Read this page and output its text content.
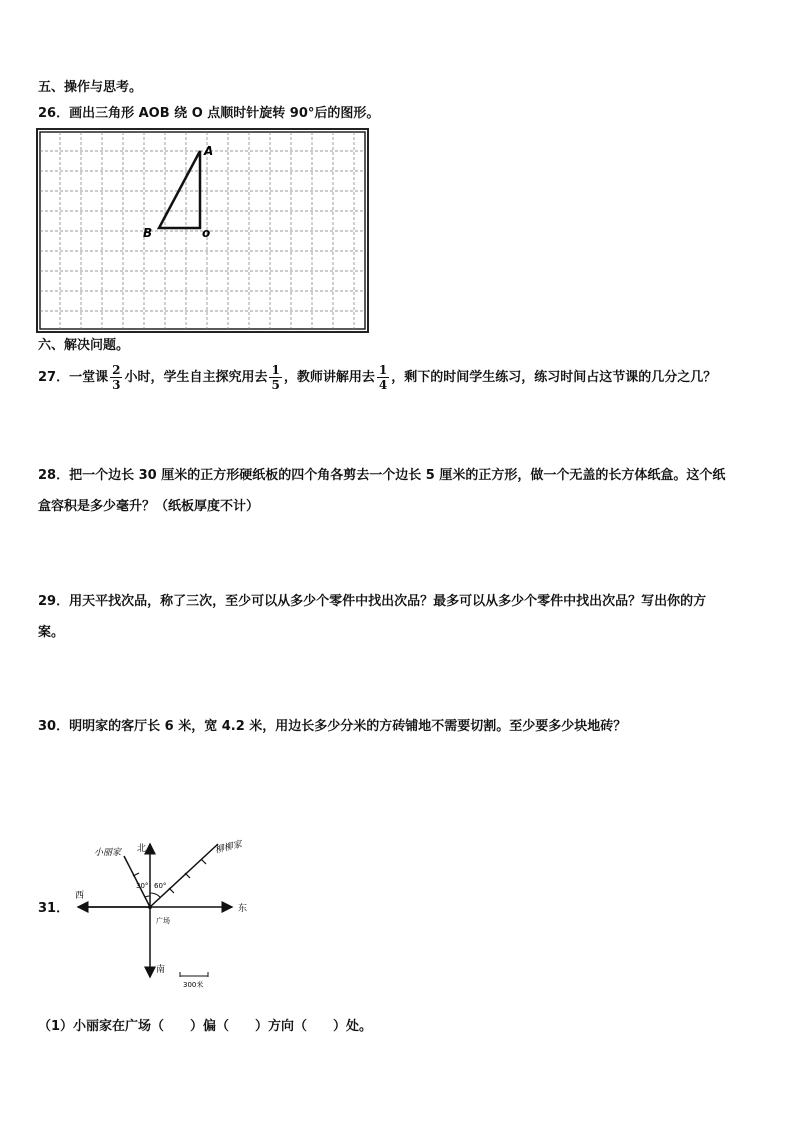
五、操作与思考。
26．画出三角形 AOB 绕 O 点顺时针旋转 90°后的图形。
A
B	o
六、解决问题。
27．一堂课 $\frac{2}{3}$ 小时，学生自主探究用去 $\frac{1}{5}$ ，教师讲解用去 $\frac{1}{4}$ ，剩下的时间学生练习，练习时间占这节课的几分之几？
28．把一个边长 30 厘米的正方形硬纸板的四个角各剪去一个边长 5 厘米的正方形，做一个无盖的长方体纸盒。这个纸
盒容积是多少毫升？（纸板厚度不计）
29．用天平找次品，称了三次，至少可以从多少个零件中找出次品？最多可以从多少个零件中找出次品？写出你的方
案。
30．明明家的客厅长 6 米，宽 4.2 米，用边长多少分米的方砖铺地不需要切割。至少要多少块地砖？
31．
北
南
东
西
广场
小丽家	柳柳家
30° 60°
300米
（1）小丽家在广场（　　）偏（　　）方向（　　）处。
